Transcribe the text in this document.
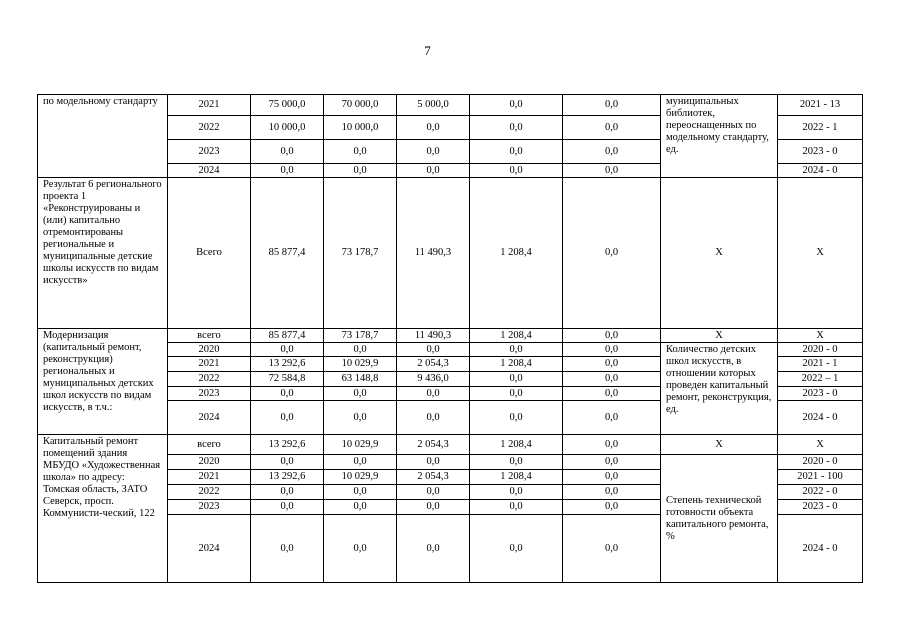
7
по модельному стандарту	2021	75 000,0	70 000,0	5 000,0	0,0	0,0	муниципальных библиотек, переоснащенных по модельному стандарту, ед.	2021 - 13
	2022	10 000,0	10 000,0	0,0	0,0	0,0		2022 - 1
	2023	0,0	0,0	0,0	0,0	0,0		2023 - 0
	2024	0,0	0,0	0,0	0,0	0,0		2024 - 0
Результат 6 регионального проекта 1 «Реконструированы и (или) капитально отремонтированы региональные и муниципальные детские школы искусств по видам искусств»	Всего	85 877,4	73 178,7	11 490,3	1 208,4	0,0	Х	Х
Модернизация (капитальный ремонт, реконструкция) региональных и муниципальных детских школ искусств по видам искусств, в т.ч.:	всего	85 877,4	73 178,7	11 490,3	1 208,4	0,0	Х	Х
	2020	0,0	0,0	0,0	0,0	0,0	Количество детских школ искусств, в отношении которых проведен капитальный ремонт, реконструкция, ед.	2020 - 0
	2021	13 292,6	10 029,9	2 054,3	1 208,4	0,0		2021 - 1
	2022	72 584,8	63 148,8	9 436,0	0,0	0,0		2022 – 1
	2023	0,0	0,0	0,0	0,0	0,0		2023 - 0
	2024	0,0	0,0	0,0	0,0	0,0		2024 - 0
Капитальный ремонт помещений здания МБУДО «Художественная школа» по адресу: Томская область, ЗАТО Северск, просп. Коммунисти-ческий, 122	всего	13 292,6	10 029,9	2 054,3	1 208,4	0,0	Х	Х
	2020	0,0	0,0	0,0	0,0	0,0	Степень технической готовности объекта капитального ремонта, %	2020 - 0
	2021	13 292,6	10 029,9	2 054,3	1 208,4	0,0		2021 - 100
	2022	0,0	0,0	0,0	0,0	0,0		2022 - 0
	2023	0,0	0,0	0,0	0,0	0,0		2023 - 0
	2024	0,0	0,0	0,0	0,0	0,0		2024 - 0
